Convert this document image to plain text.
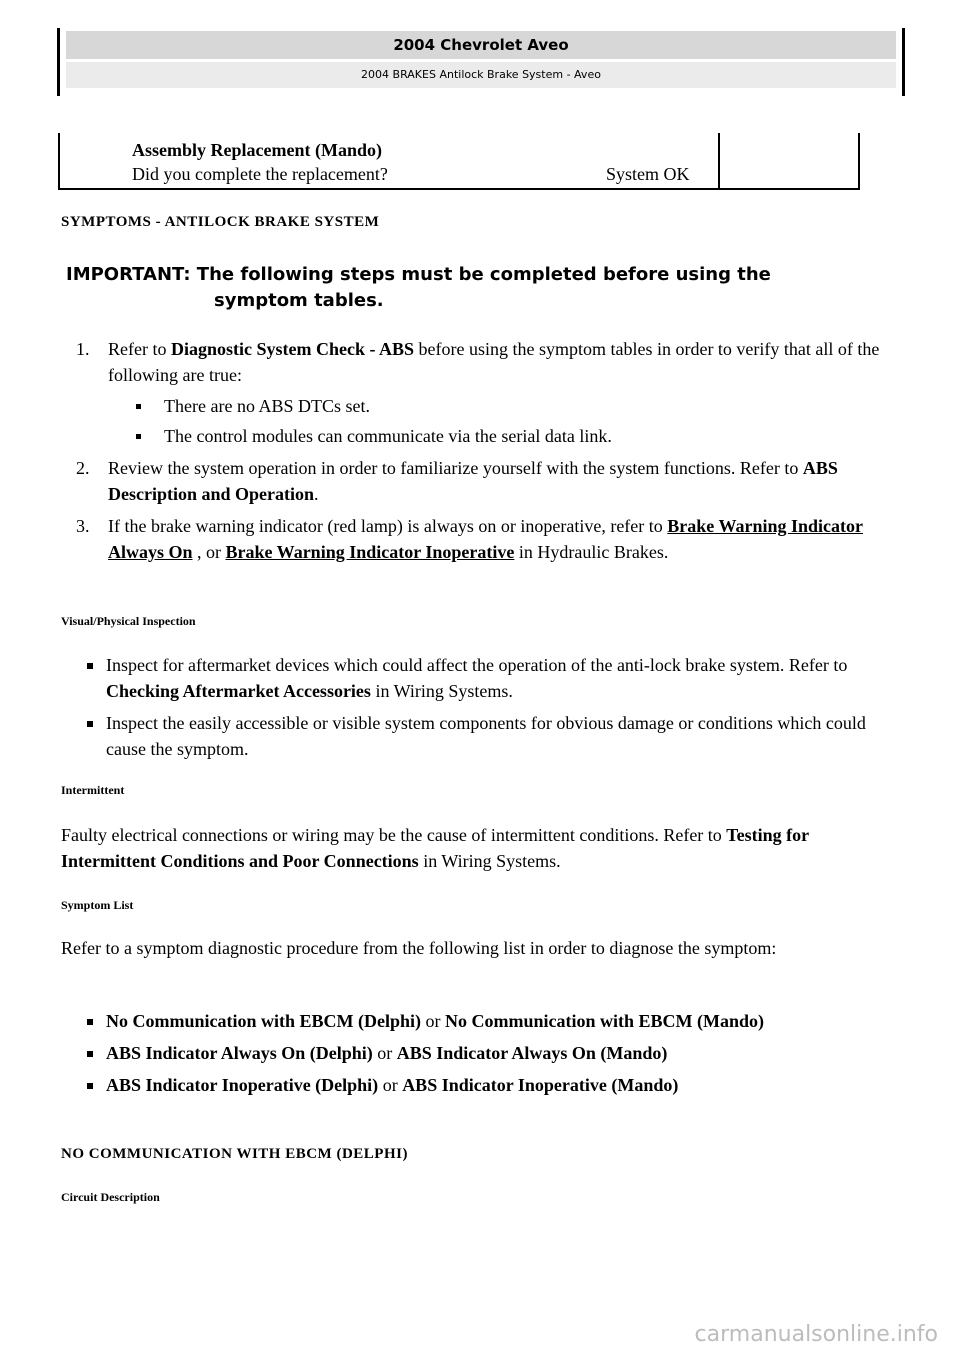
2004 Chevrolet Aveo
2004 BRAKES Antilock Brake System - Aveo
Assembly Replacement (Mando)
Did you complete the replacement?	System OK
SYMPTOMS - ANTILOCK BRAKE SYSTEM
IMPORTANT: The following steps must be completed before using the
symptom tables.
1. Refer to Diagnostic System Check - ABS before using the symptom tables in order to verify that all of the following are true:
There are no ABS DTCs set.
The control modules can communicate via the serial data link.
2. Review the system operation in order to familiarize yourself with the system functions. Refer to ABS Description and Operation.
3. If the brake warning indicator (red lamp) is always on or inoperative, refer to Brake Warning Indicator Always On , or Brake Warning Indicator Inoperative in Hydraulic Brakes.
Visual/Physical Inspection
Inspect for aftermarket devices which could affect the operation of the anti-lock brake system. Refer to Checking Aftermarket Accessories in Wiring Systems.
Inspect the easily accessible or visible system components for obvious damage or conditions which could cause the symptom.
Intermittent
Faulty electrical connections or wiring may be the cause of intermittent conditions. Refer to Testing for Intermittent Conditions and Poor Connections in Wiring Systems.
Symptom List
Refer to a symptom diagnostic procedure from the following list in order to diagnose the symptom:
No Communication with EBCM (Delphi) or No Communication with EBCM (Mando)
ABS Indicator Always On (Delphi) or ABS Indicator Always On (Mando)
ABS Indicator Inoperative (Delphi) or ABS Indicator Inoperative (Mando)
NO COMMUNICATION WITH EBCM (DELPHI)
Circuit Description
carmanualsonline.info
